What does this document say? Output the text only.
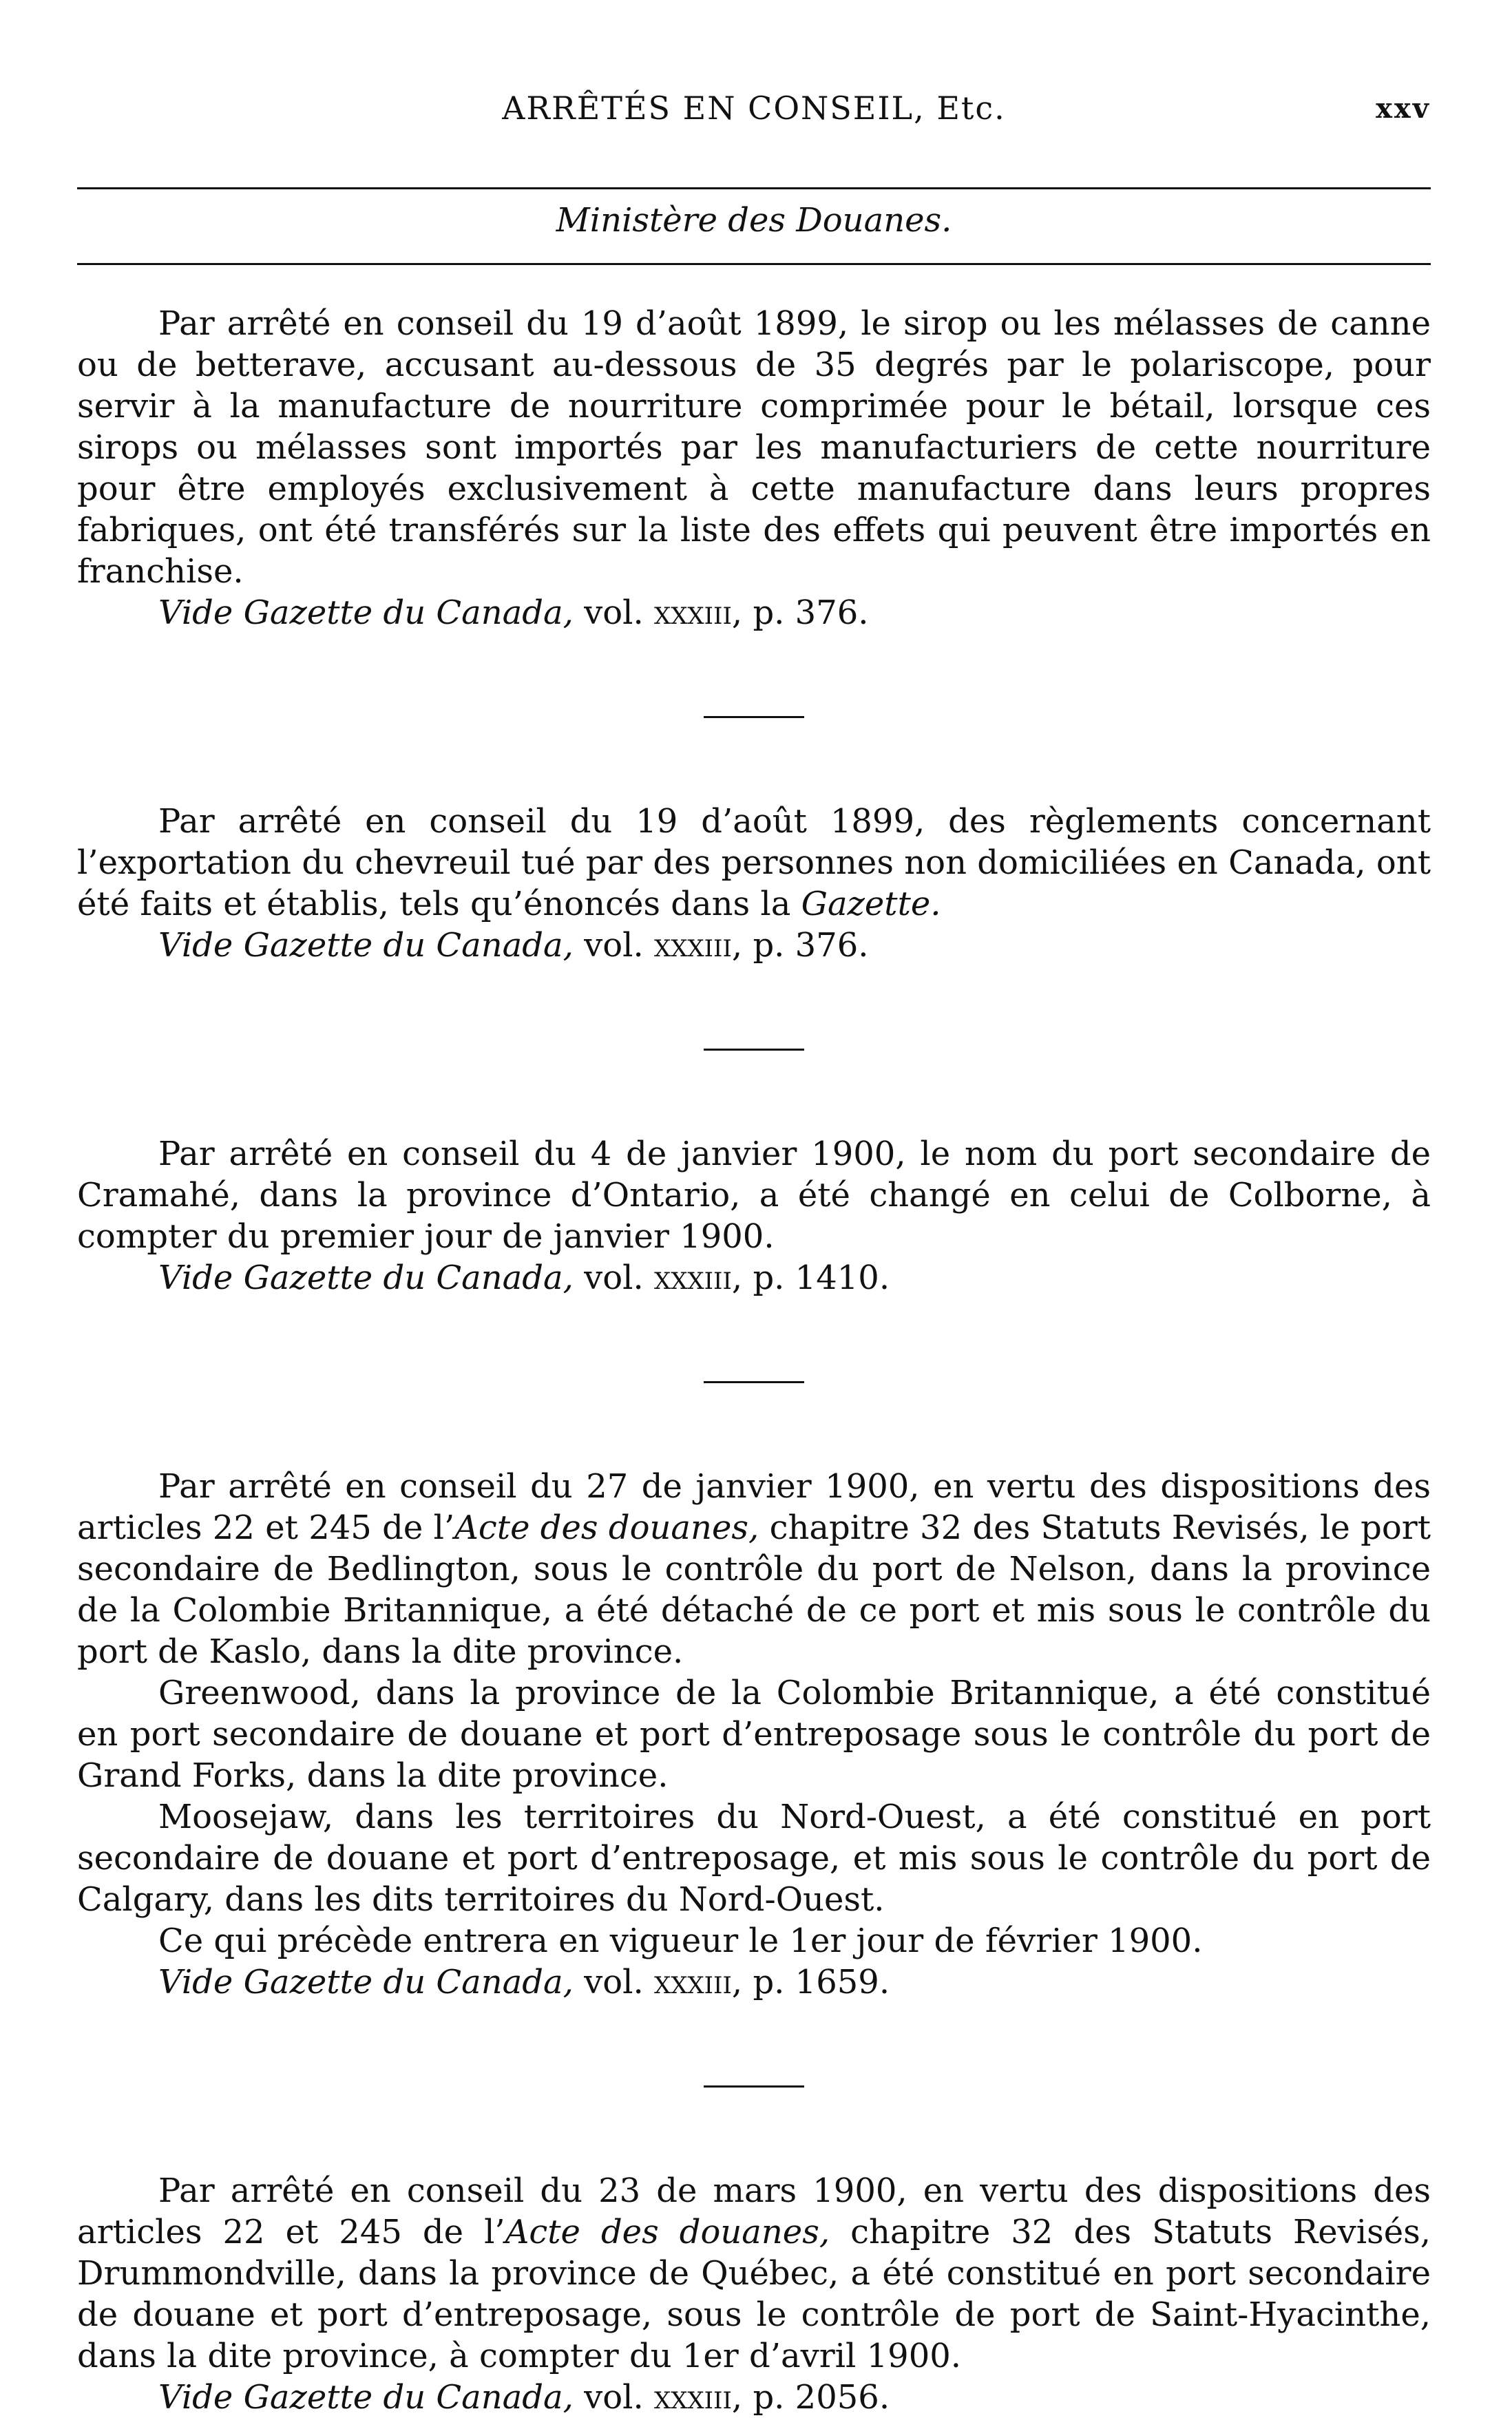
ARRÊTÉS EN CONSEIL, Etc.	xxv
Ministère des Douanes.

Par arrêté en conseil du 19 d’août 1899, le sirop ou les mélasses de canne ou de betterave, accusant au-dessous de 35 degrés par le polariscope, pour servir à la manufacture de nourriture comprimée pour le bétail, lorsque ces sirops ou mélasses sont importés par les manufacturiers de cette nourriture pour être employés exclusivement à cette manufacture dans leurs propres fabriques, ont été transférés sur la liste des effets qui peuvent être importés en franchise.

Vide Gazette du Canada, vol. xxxiii, p. 376.

Par arrêté en conseil du 19 d’août 1899, des règlements concernant l’exportation du chevreuil tué par des personnes non domiciliées en Canada, ont été faits et établis, tels qu’énoncés dans la Gazette.

Vide Gazette du Canada, vol. xxxiii, p. 376.

Par arrêté en conseil du 4 de janvier 1900, le nom du port secondaire de Cramahé, dans la province d’Ontario, a été changé en celui de Colborne, à compter du premier jour de janvier 1900.

Vide Gazette du Canada, vol. xxxiii, p. 1410.

Par arrêté en conseil du 27 de janvier 1900, en vertu des dispositions des articles 22 et 245 de l’Acte des douanes, chapitre 32 des Statuts Revisés, le port secondaire de Bedlington, sous le contrôle du port de Nelson, dans la province de la Colombie Britannique, a été détaché de ce port et mis sous le contrôle du port de Kaslo, dans la dite province.

Greenwood, dans la province de la Colombie Britannique, a été constitué en port secondaire de douane et port d’entreposage sous le contrôle du port de Grand Forks, dans la dite province.

Moosejaw, dans les territoires du Nord-Ouest, a été constitué en port secondaire de douane et port d’entreposage, et mis sous le contrôle du port de Calgary, dans les dits territoires du Nord-Ouest.

Ce qui précède entrera en vigueur le 1er jour de février 1900.

Vide Gazette du Canada, vol. xxxiii, p. 1659.

Par arrêté en conseil du 23 de mars 1900, en vertu des dispositions des articles 22 et 245 de l’Acte des douanes, chapitre 32 des Statuts Revisés, Drummondville, dans la province de Québec, a été constitué en port secondaire de douane et port d’entreposage, sous le contrôle de port de Saint-Hyacinthe, dans la dite province, à compter du 1er d’avril 1900.

Vide Gazette du Canada, vol. xxxiii, p. 2056.
